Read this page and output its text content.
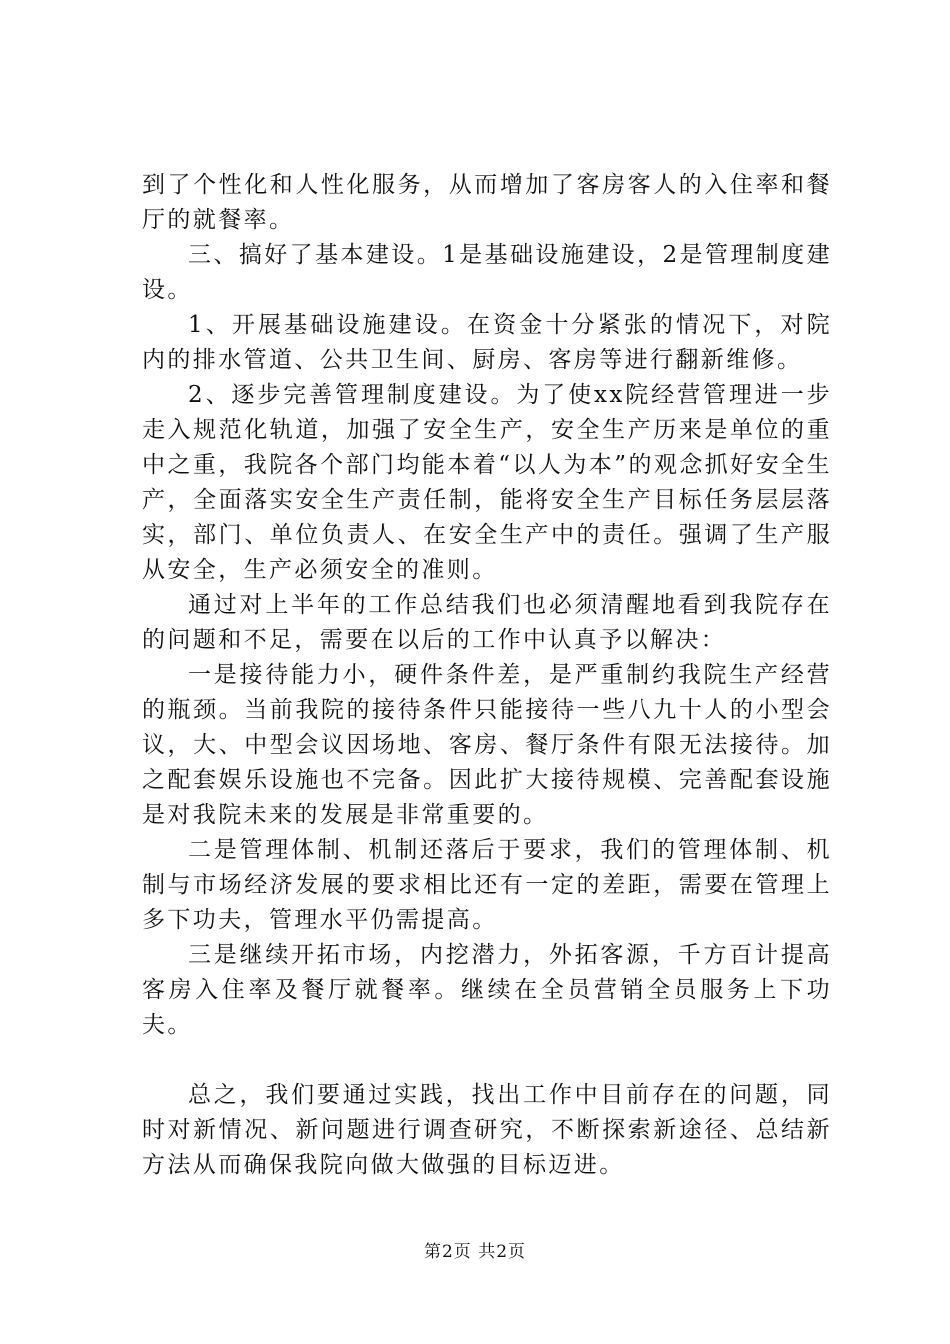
到了个性化和人性化服务，从而增加了客房客人的入住率和餐厅的就餐率。

三、搞好了基本建设。1是基础设施建设，2是管理制度建设。

1、开展基础设施建设。在资金十分紧张的情况下，对院内的排水管道、公共卫生间、厨房、客房等进行翻新维修。

2、逐步完善管理制度建设。为了使xx院经营管理进一步走入规范化轨道，加强了安全生产，安全生产历来是单位的重中之重，我院各个部门均能本着“以人为本”的观念抓好安全生产，全面落实安全生产责任制，能将安全生产目标任务层层落实，部门、单位负责人、在安全生产中的责任。强调了生产服从安全，生产必须安全的准则。

通过对上半年的工作总结我们也必须清醒地看到我院存在的问题和不足，需要在以后的工作中认真予以解决：

一是接待能力小，硬件条件差，是严重制约我院生产经营的瓶颈。当前我院的接待条件只能接待一些八九十人的小型会议，大、中型会议因场地、客房、餐厅条件有限无法接待。加之配套娱乐设施也不完备。因此扩大接待规模、完善配套设施是对我院未来的发展是非常重要的。

二是管理体制、机制还落后于要求，我们的管理体制、机制与市场经济发展的要求相比还有一定的差距，需要在管理上多下功夫，管理水平仍需提高。

三是继续开拓市场，内挖潜力，外拓客源，千方百计提高客房入住率及餐厅就餐率。继续在全员营销全员服务上下功夫。

总之，我们要通过实践，找出工作中目前存在的问题，同时对新情况、新问题进行调查研究，不断探索新途径、总结新方法从而确保我院向做大做强的目标迈进。

第2页 共2页
